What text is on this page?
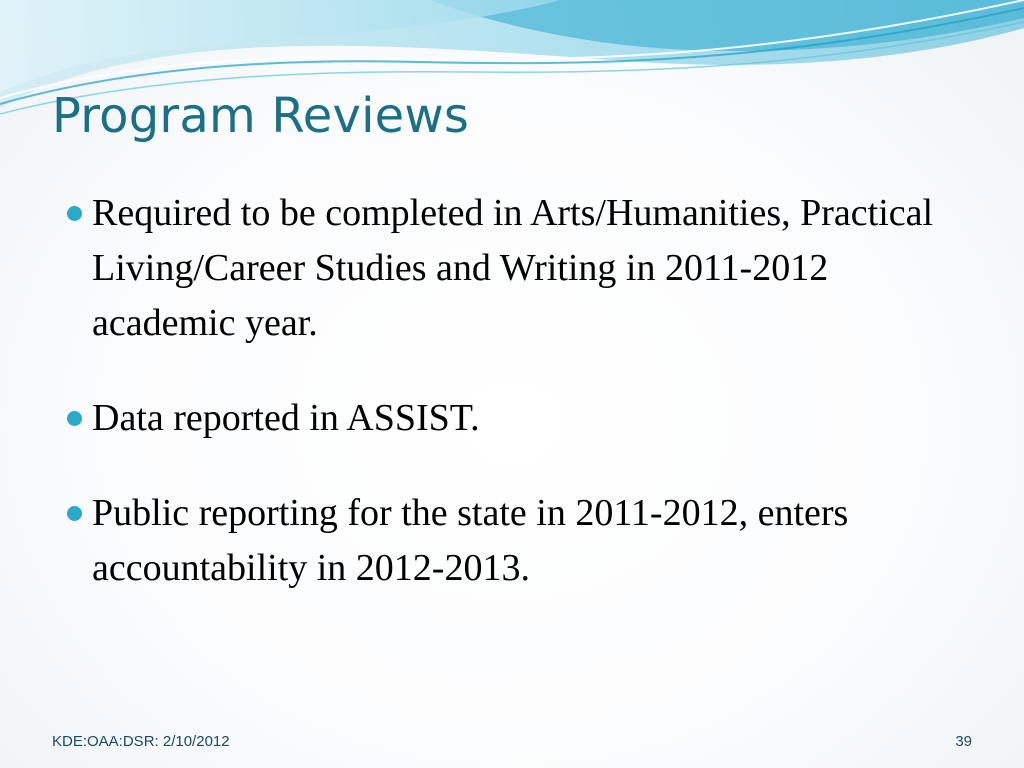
Program Reviews
Required to be completed in Arts/Humanities, Practical Living/Career Studies and Writing in 2011-2012 academic year.
Data reported in ASSIST.
Public reporting for the state in 2011-2012, enters accountability in 2012-2013.
KDE:OAA:DSR: 2/10/2012	39
